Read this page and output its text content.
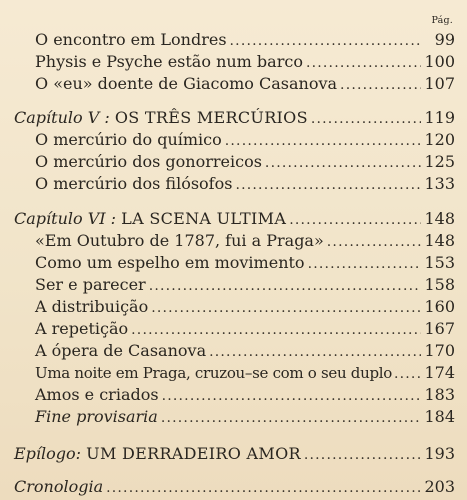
Pág.
O encontro em Londres .....	99
Physis e Psyche estão num barco .....	100
O «eu» doente de Giacomo Casanova .....	107
Capítulo V : OS TRÊS MERCÚRIOS .....	119
O mercúrio do químico .....	120
O mercúrio dos gonorreicos .....	125
O mercúrio dos filósofos .....	133
Capítulo VI : LA SCENA ULTIMA .....	148
«Em Outubro de 1787, fui a Praga» .....	148
Como um espelho em movimento .....	153
Ser e parecer .....	158
A distribuição .....	160
A repetição .....	167
A ópera de Casanova .....	170
Uma noite em Praga, cruzou–se com o seu duplo ..... 174
Amos e criados .....	183
Fine provisaria .....	184
Epílogo: UM DERRADEIRO AMOR .....	193
Cronologia .....	203
